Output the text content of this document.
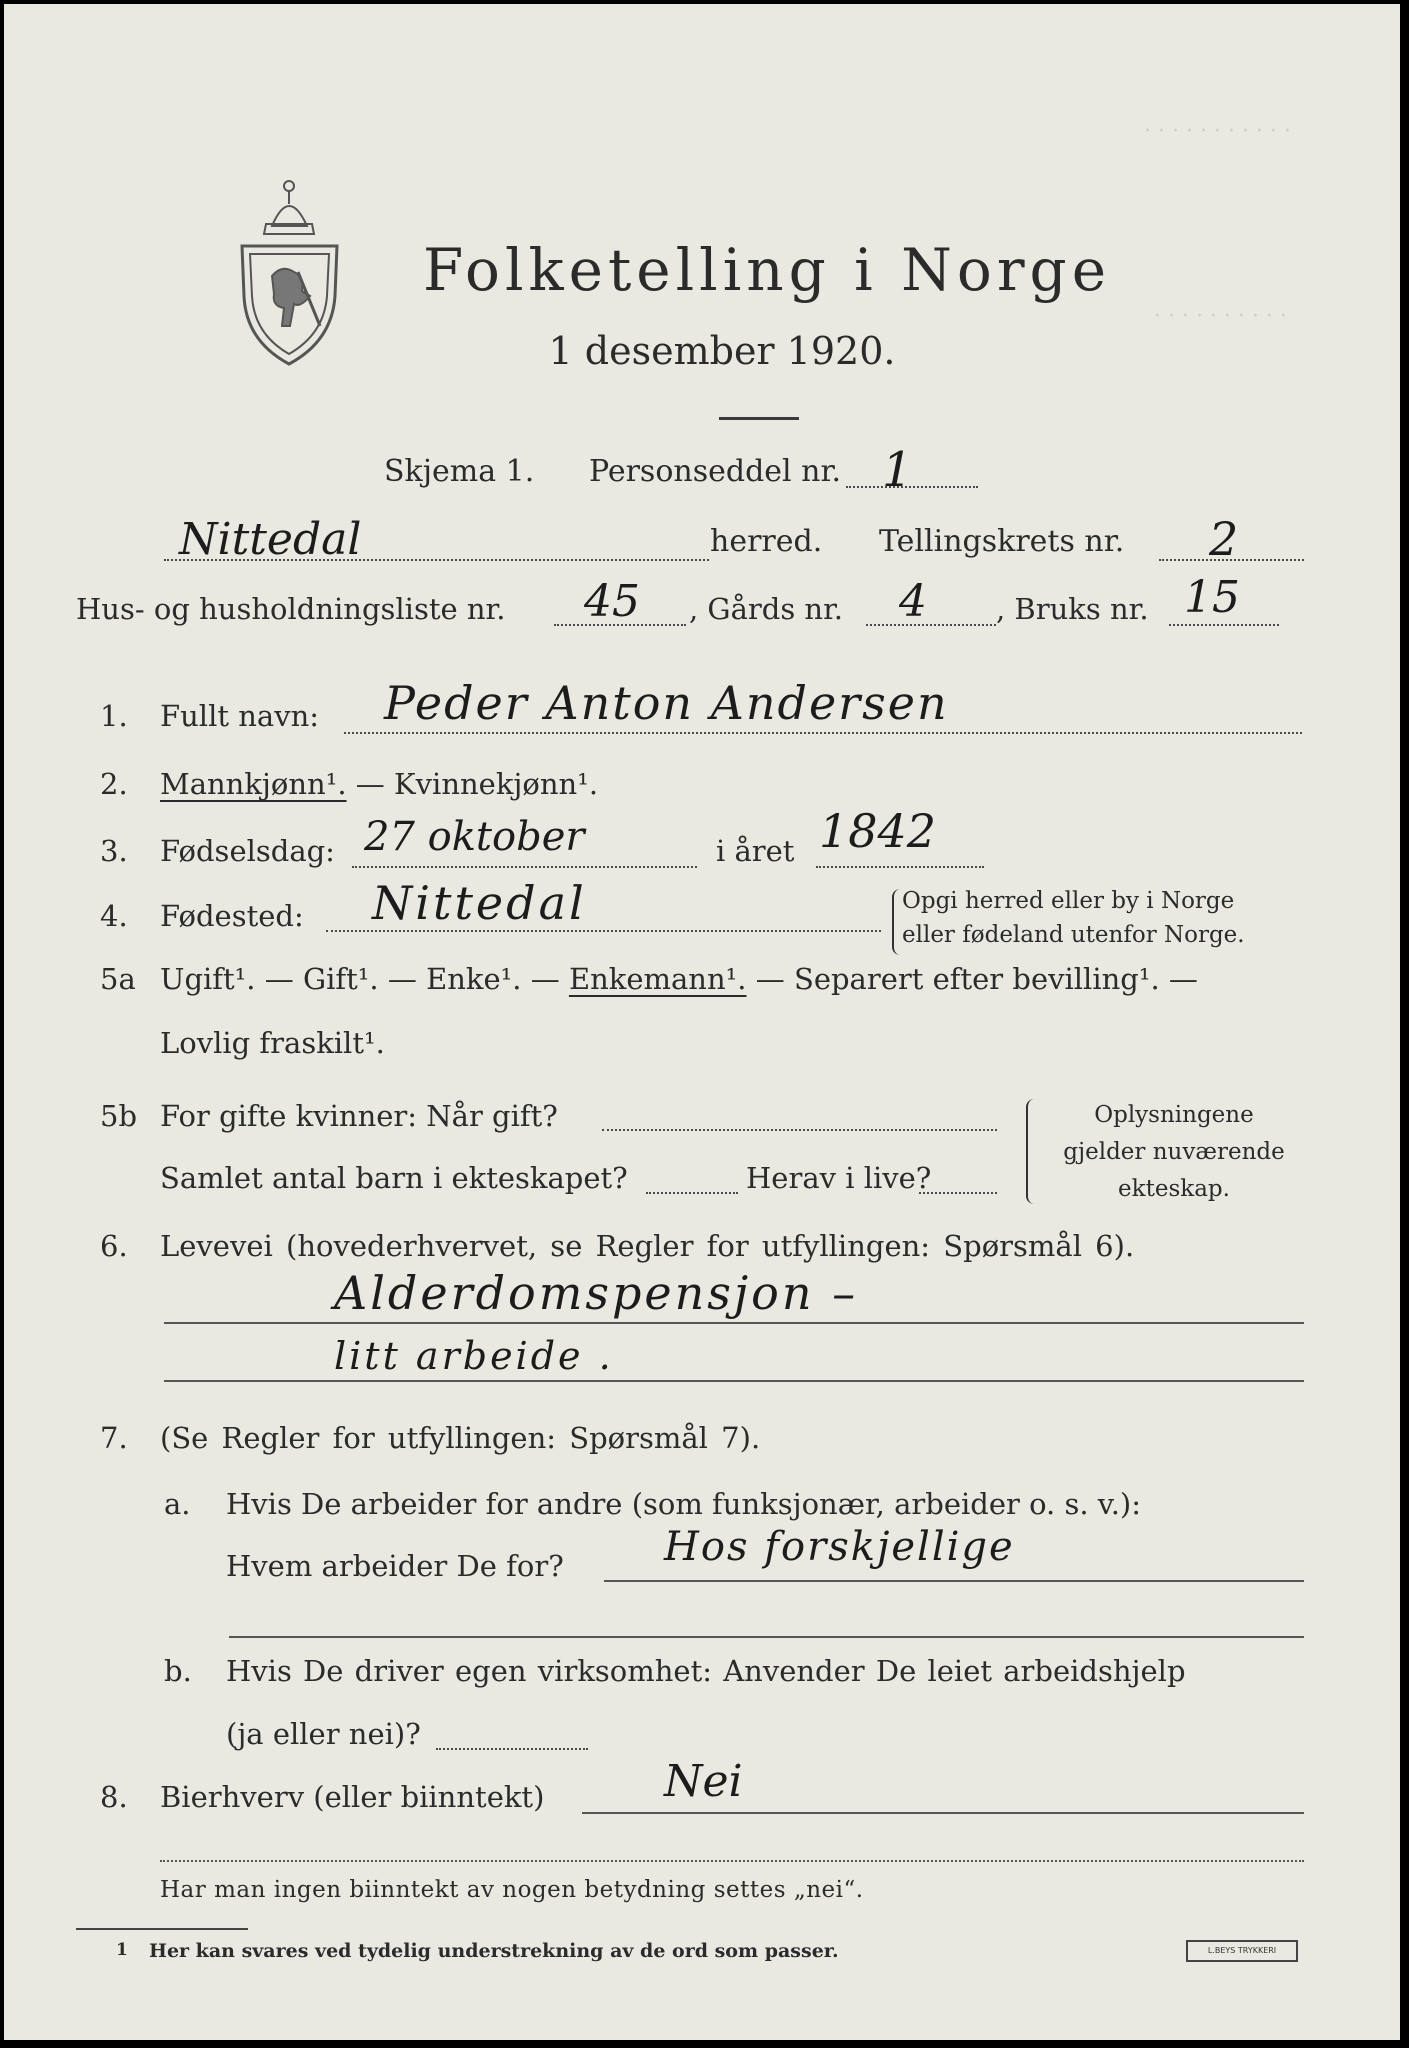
· · · · · · · · · · ·
· · · · · · · · · ·
Folketelling i Norge
1 desember 1920.
Skjema 1. Personseddel nr. 1
Nittedal	herred. Tellingskrets nr. 2
Hus- og husholdningsliste nr. 45 , Gårds nr. 4 , Bruks nr. 15
1. Fullt navn: Peder Anton Andersen
2. Mannkjønn¹. — Kvinnekjønn¹.
3. Fødselsdag: 27 oktober	i året 1842
4. Fødested: Nittedal	Opgi herred eller by i Norge
eller fødeland utenfor Norge.
5a Ugift¹. — Gift¹. — Enke¹. — Enkemann¹. — Separert efter bevilling¹. —
Lovlig fraskilt¹.
5b For gifte kvinner: Når gift?
Samlet antal barn i ekteskapet?	Herav i live?
Oplysningene
gjelder nuværende
ekteskap.
6. Levevei (hovederhvervet, se Regler for utfyllingen: Spørsmål 6).
Alderdomspensjon –
litt arbeide .
7. (Se Regler for utfyllingen: Spørsmål 7).
a. Hvis De arbeider for andre (som funksjonær, arbeider o. s. v.):
Hvem arbeider De for?	Hos forskjellige
b. Hvis De driver egen virksomhet: Anvender De leiet arbeidshjelp
(ja eller nei)?
8. Bierhverv (eller biinntekt)	Nei
Har man ingen biinntekt av nogen betydning settes „nei“.
1 Her kan svares ved tydelig understrekning av de ord som passer.	L.BEYS TRYKKERI
